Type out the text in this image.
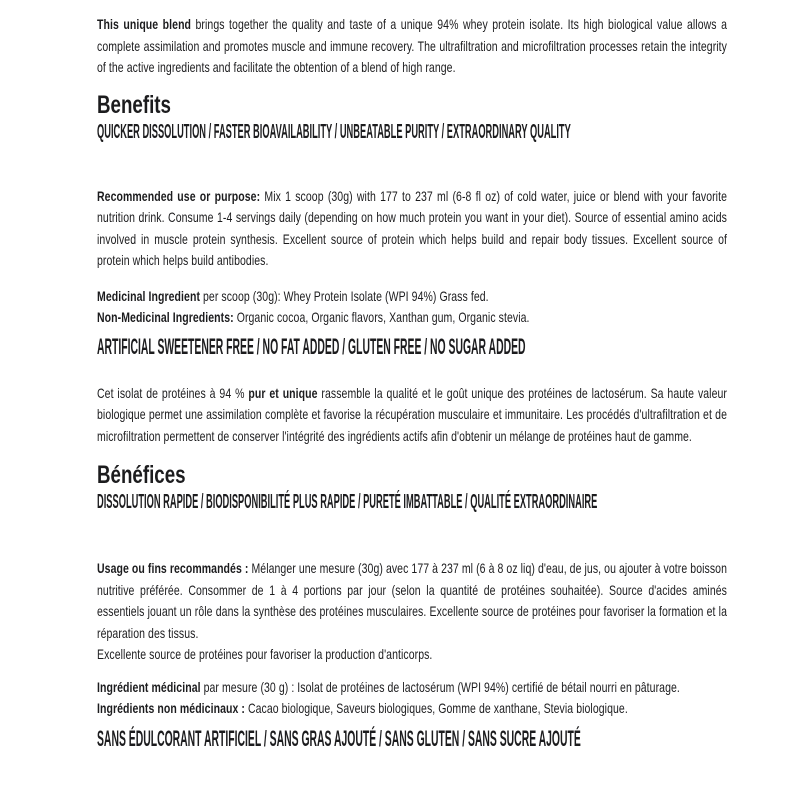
This unique blend brings together the quality and taste of a unique 94% whey protein isolate. Its high biological value allows a complete assimilation and promotes muscle and immune recovery. The ultrafiltration and microfiltration processes retain the integrity of the active ingredients and facilitate the obtention of a blend of high range.

Benefits
QUICKER DISSOLUTION / FASTER BIOAVAILABILITY / UNBEATABLE PURITY / EXTRAORDINARY QUALITY

Recommended use or purpose: Mix 1 scoop (30g) with 177 to 237 ml (6-8 fl oz) of cold water, juice or blend with your favorite nutrition drink. Consume 1-4 servings daily (depending on how much protein you want in your diet). Source of essential amino acids involved in muscle protein synthesis. Excellent source of protein which helps build and repair body tissues. Excellent source of protein which helps build antibodies.

Medicinal Ingredient per scoop (30g): Whey Protein Isolate (WPI 94%) Grass fed.

Non-Medicinal Ingredients: Organic cocoa, Organic flavors, Xanthan gum, Organic stevia.

ARTIFICIAL SWEETENER FREE / NO FAT ADDED / GLUTEN FREE / NO SUGAR ADDED

Cet isolat de protéines à 94 % pur et unique rassemble la qualité et le goût unique des protéines de lactosérum. Sa haute valeur biologique permet une assimilation complète et favorise la récupération musculaire et immunitaire. Les procédés d'ultrafiltration et de microfiltration permettent de conserver l'intégrité des ingrédients actifs afin d'obtenir un mélange de protéines haut de gamme.

Bénéfices
DISSOLUTION RAPIDE / BIODISPONIBILITÉ PLUS RAPIDE / PURETÉ IMBATTABLE / QUALITÉ EXTRAORDINAIRE

Usage ou fins recommandés : Mélanger une mesure (30g) avec 177 à 237 ml (6 à 8 oz liq) d'eau, de jus, ou ajouter à votre boisson nutritive préférée. Consommer de 1 à 4 portions par jour (selon la quantité de protéines souhaitée). Source d'acides aminés essentiels jouant un rôle dans la synthèse des protéines musculaires. Excellente source de protéines pour favoriser la formation et la réparation des tissus.

Excellente source de protéines pour favoriser la production d'anticorps.

Ingrédient médicinal par mesure (30 g) : Isolat de protéines de lactosérum (WPI 94%) certifié de bétail nourri en pâturage.

Ingrédients non médicinaux : Cacao biologique, Saveurs biologiques, Gomme de xanthane, Stevia biologique.

SANS ÉDULCORANT ARTIFICIEL / SANS GRAS AJOUTÉ / SANS GLUTEN / SANS SUCRE AJOUTÉ
